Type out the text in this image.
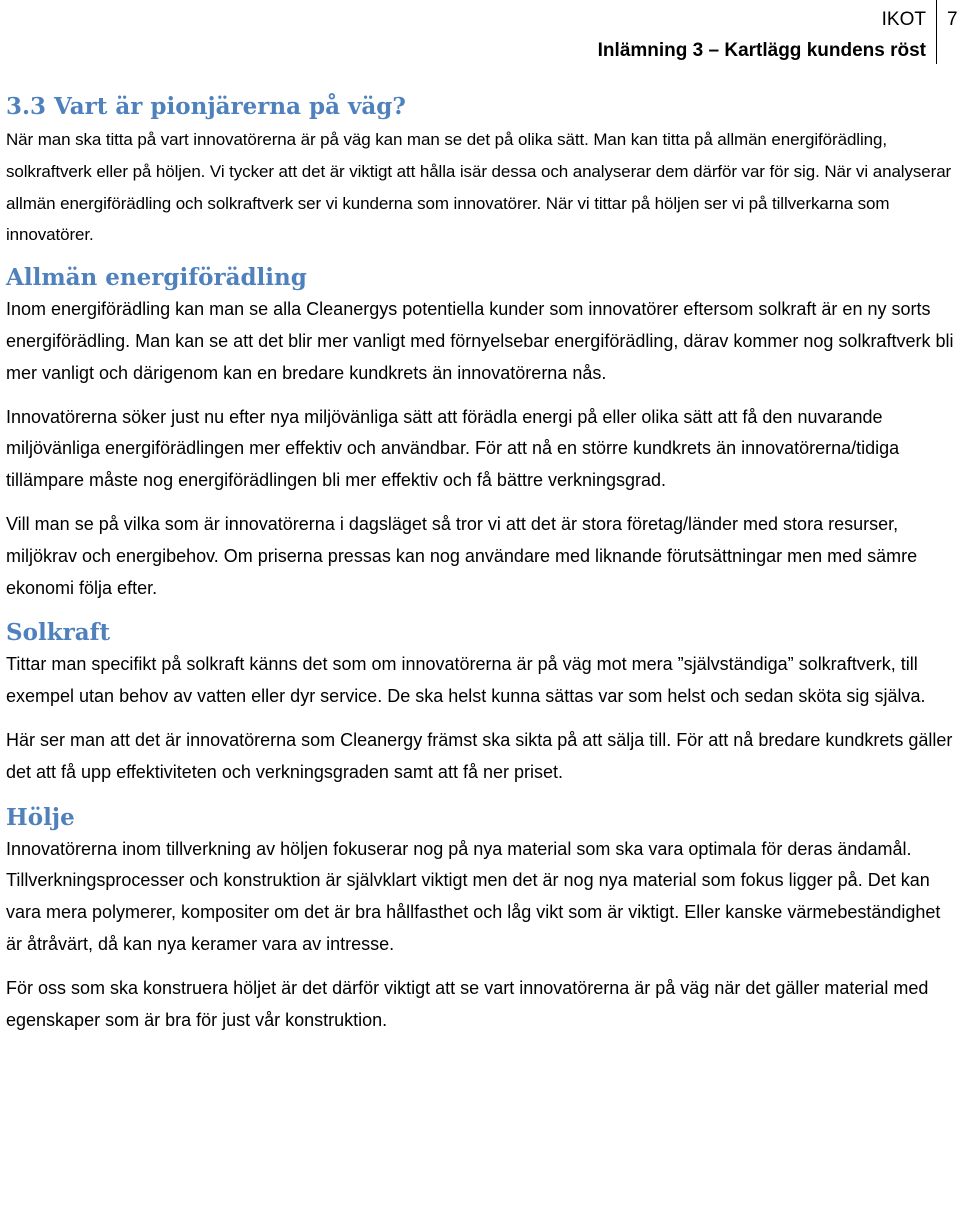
IKOT
Inlämning 3 – Kartlägg kundens röst
7
3.3 Vart är pionjärerna på väg?

När man ska titta på vart innovatörerna är på väg kan man se det på olika sätt. Man kan titta på allmän energiförädling, solkraftverk eller på höljen. Vi tycker att det är viktigt att hålla isär dessa och analyserar dem därför var för sig. När vi analyserar allmän energiförädling och solkraftverk ser vi kunderna som innovatörer. När vi tittar på höljen ser vi på tillverkarna som innovatörer.

Allmän energiförädling

Inom energiförädling kan man se alla Cleanergys potentiella kunder som innovatörer eftersom solkraft är en ny sorts energiförädling. Man kan se att det blir mer vanligt med förnyelsebar energiförädling, därav kommer nog solkraftverk bli mer vanligt och därigenom kan en bredare kundkrets än innovatörerna nås.

Innovatörerna söker just nu efter nya miljövänliga sätt att förädla energi på eller olika sätt att få den nuvarande miljövänliga energiförädlingen mer effektiv och användbar. För att nå en större kundkrets än innovatörerna/tidiga tillämpare måste nog energiförädlingen bli mer effektiv och få bättre verkningsgrad.

Vill man se på vilka som är innovatörerna i dagsläget så tror vi att det är stora företag/länder med stora resurser, miljökrav och energibehov. Om priserna pressas kan nog användare med liknande förutsättningar men med sämre ekonomi följa efter.

Solkraft

Tittar man specifikt på solkraft känns det som om innovatörerna är på väg mot mera ”självständiga” solkraftverk, till exempel utan behov av vatten eller dyr service. De ska helst kunna sättas var som helst och sedan sköta sig själva.

Här ser man att det är innovatörerna som Cleanergy främst ska sikta på att sälja till. För att nå bredare kundkrets gäller det att få upp effektiviteten och verkningsgraden samt att få ner priset.

Hölje

Innovatörerna inom tillverkning av höljen fokuserar nog på nya material som ska vara optimala för deras ändamål. Tillverkningsprocesser och konstruktion är självklart viktigt men det är nog nya material som fokus ligger på. Det kan vara mera polymerer, kompositer om det är bra hållfasthet och låg vikt som är viktigt. Eller kanske värmebeständighet är åtråvärt, då kan nya keramer vara av intresse.

För oss som ska konstruera höljet är det därför viktigt att se vart innovatörerna är på väg när det gäller material med egenskaper som är bra för just vår konstruktion.
